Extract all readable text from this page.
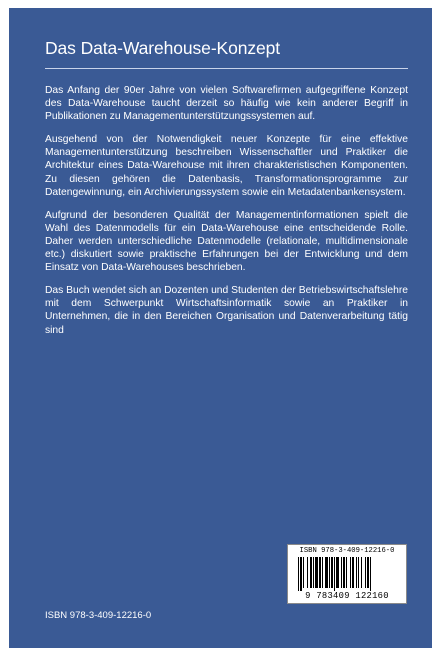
Das Data-Warehouse-Konzept

Das Anfang der 90er Jahre von vielen Softwarefirmen aufgegriffene Konzept des Data-Warehouse taucht derzeit so häufig wie kein anderer Begriff in Publikationen zu Managementunterstützungssystemen auf.

Ausgehend von der Notwendigkeit neuer Konzepte für eine effektive Managementunterstützung beschreiben Wissenschaftler und Praktiker die Architektur eines Data-Warehouse mit ihren charakteristischen Komponenten. Zu diesen gehören die Datenbasis, Transformationsprogramme zur Datengewinnung, ein Archivierungssystem sowie ein Metadatenbankensystem.

Aufgrund der besonderen Qualität der Managementinformationen spielt die Wahl des Datenmodells für ein Data-Warehouse eine entscheidende Rolle. Daher werden unterschiedliche Datenmodelle (relationale, multidimensionale etc.) diskutiert sowie praktische Erfahrungen bei der Entwicklung und dem Einsatz von Data-Warehouses beschrieben.

Das Buch wendet sich an Dozenten und Studenten der Betriebswirtschaftslehre mit dem Schwerpunkt Wirtschaftsinformatik sowie an Praktiker in Unternehmen, die in den Bereichen Organisation und Datenverarbeitung tätig sind

ISBN 978-3-409-12216-0
ISBN 978-3-409-12216-0
9 783409 122160
